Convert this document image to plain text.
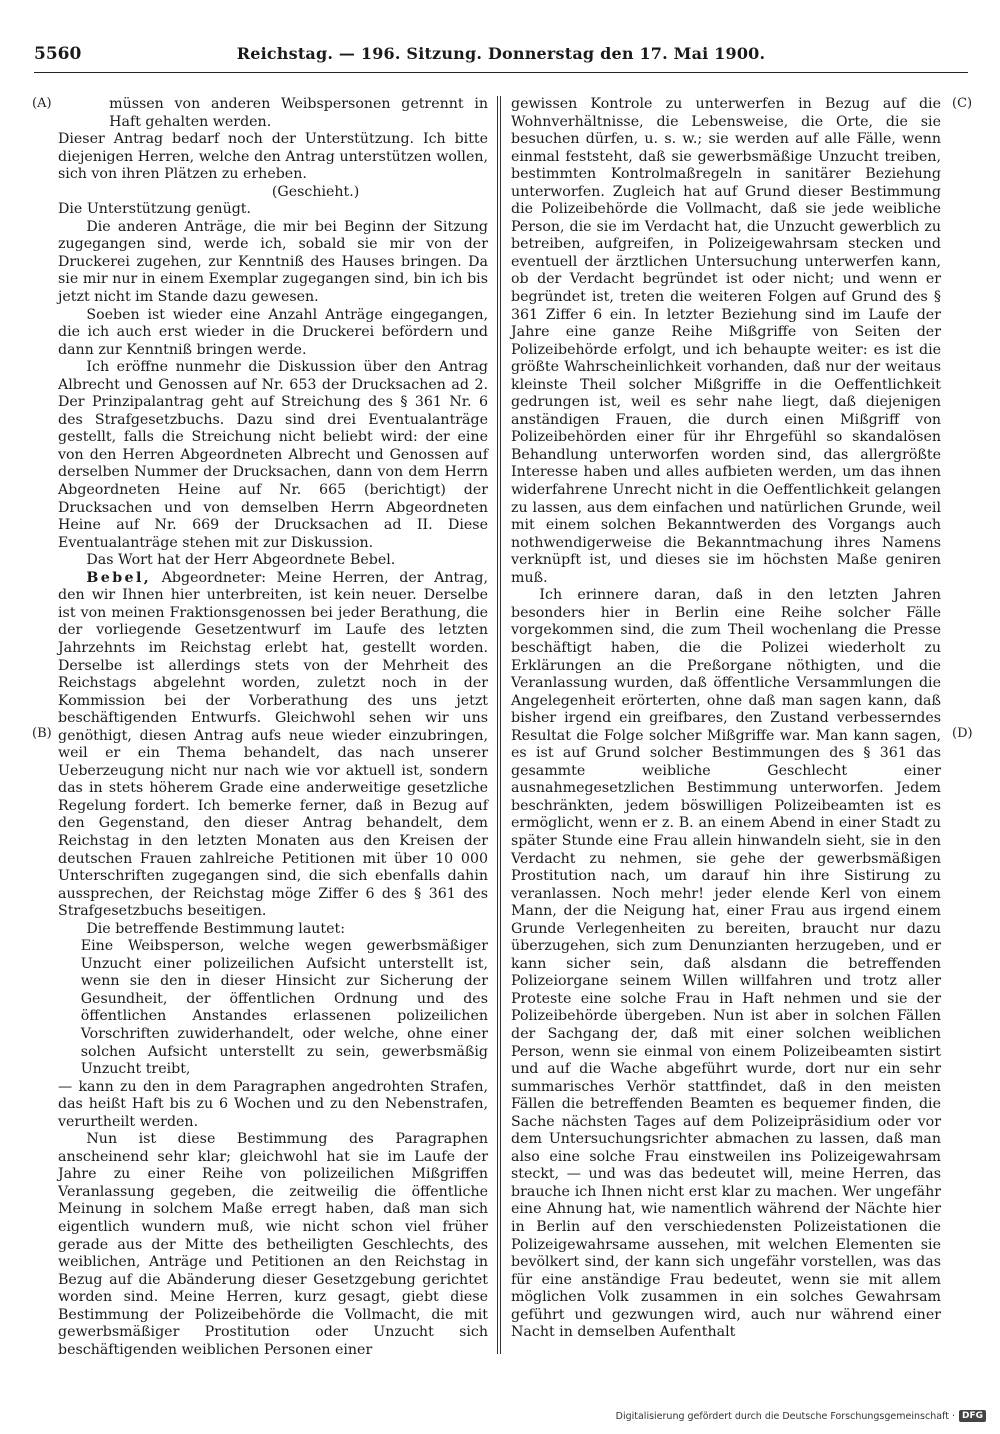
5560	Reichstag. — 196. Sitzung. Donnerstag den 17. Mai 1900.
(A)
(B)
(C)
(D)

müssen von anderen Weibspersonen getrennt in Haft gehalten werden.

Dieser Antrag bedarf noch der Unterstützung. Ich bitte diejenigen Herren, welche den Antrag unterstützen wollen, sich von ihren Plätzen zu erheben.

(Geschieht.)

Die Unterstützung genügt.

Die anderen Anträge, die mir bei Beginn der Sitzung zugegangen sind, werde ich, sobald sie mir von der Druckerei zugehen, zur Kenntniß des Hauses bringen. Da sie mir nur in einem Exemplar zugegangen sind, bin ich bis jetzt nicht im Stande dazu gewesen.

Soeben ist wieder eine Anzahl Anträge eingegangen, die ich auch erst wieder in die Druckerei befördern und dann zur Kenntniß bringen werde.

Ich eröffne nunmehr die Diskussion über den Antrag Albrecht und Genossen auf Nr. 653 der Drucksachen ad 2. Der Prinzipalantrag geht auf Streichung des § 361 Nr. 6 des Strafgesetzbuchs. Dazu sind drei Eventualanträge gestellt, falls die Streichung nicht beliebt wird: der eine von den Herren Abgeordneten Albrecht und Genossen auf derselben Nummer der Drucksachen, dann von dem Herrn Abgeordneten Heine auf Nr. 665 (berichtigt) der Drucksachen und von demselben Herrn Abgeordneten Heine auf Nr. 669 der Drucksachen ad II. Diese Eventualanträge stehen mit zur Diskussion.

Das Wort hat der Herr Abgeordnete Bebel.

Bebel, Abgeordneter: Meine Herren, der Antrag, den wir Ihnen hier unterbreiten, ist kein neuer. Derselbe ist von meinen Fraktionsgenossen bei jeder Berathung, die der vorliegende Gesetzentwurf im Laufe des letzten Jahrzehnts im Reichstag erlebt hat, gestellt worden. Derselbe ist allerdings stets von der Mehrheit des Reichstags abgelehnt worden, zuletzt noch in der Kommission bei der Vorberathung des uns jetzt beschäftigenden Entwurfs. Gleichwohl sehen wir uns genöthigt, diesen Antrag aufs neue wieder einzubringen, weil er ein Thema behandelt, das nach unserer Ueberzeugung nicht nur nach wie vor aktuell ist, sondern das in stets höherem Grade eine anderweitige gesetzliche Regelung fordert. Ich bemerke ferner, daß in Bezug auf den Gegenstand, den dieser Antrag behandelt, dem Reichstag in den letzten Monaten aus den Kreisen der deutschen Frauen zahlreiche Petitionen mit über 10 000 Unterschriften zugegangen sind, die sich ebenfalls dahin aussprechen, der Reichstag möge Ziffer 6 des § 361 des Strafgesetzbuchs beseitigen.

Die betreffende Bestimmung lautet:

Eine Weibsperson, welche wegen gewerbsmäßiger Unzucht einer polizeilichen Aufsicht unterstellt ist, wenn sie den in dieser Hinsicht zur Sicherung der Gesundheit, der öffentlichen Ordnung und des öffentlichen Anstandes erlassenen polizeilichen Vorschriften zuwiderhandelt, oder welche, ohne einer solchen Aufsicht unterstellt zu sein, gewerbsmäßig Unzucht treibt,

— kann zu den in dem Paragraphen angedrohten Strafen, das heißt Haft bis zu 6 Wochen und zu den Nebenstrafen, verurtheilt werden.

Nun ist diese Bestimmung des Paragraphen anscheinend sehr klar; gleichwohl hat sie im Laufe der Jahre zu einer Reihe von polizeilichen Mißgriffen Veranlassung gegeben, die zeitweilig die öffentliche Meinung in solchem Maße erregt haben, daß man sich eigentlich wundern muß, wie nicht schon viel früher gerade aus der Mitte des betheiligten Geschlechts, des weiblichen, Anträge und Petitionen an den Reichstag in Bezug auf die Abänderung dieser Gesetzgebung gerichtet worden sind. Meine Herren, kurz gesagt, giebt diese Bestimmung der Polizeibehörde die Vollmacht, die mit gewerbsmäßiger Prostitution oder Unzucht sich beschäftigenden weiblichen Personen einer

gewissen Kontrole zu unterwerfen in Bezug auf die Wohnverhältnisse, die Lebensweise, die Orte, die sie besuchen dürfen, u. s. w.; sie werden auf alle Fälle, wenn einmal feststeht, daß sie gewerbsmäßige Unzucht treiben, bestimmten Kontrolmaßregeln in sanitärer Beziehung unterworfen. Zugleich hat auf Grund dieser Bestimmung die Polizeibehörde die Vollmacht, daß sie jede weibliche Person, die sie im Verdacht hat, die Unzucht gewerblich zu betreiben, aufgreifen, in Polizeigewahrsam stecken und eventuell der ärztlichen Untersuchung unterwerfen kann, ob der Verdacht begründet ist oder nicht; und wenn er begründet ist, treten die weiteren Folgen auf Grund des § 361 Ziffer 6 ein. In letzter Beziehung sind im Laufe der Jahre eine ganze Reihe Mißgriffe von Seiten der Polizeibehörde erfolgt, und ich behaupte weiter: es ist die größte Wahrscheinlichkeit vorhanden, daß nur der weitaus kleinste Theil solcher Mißgriffe in die Oeffentlichkeit gedrungen ist, weil es sehr nahe liegt, daß diejenigen anständigen Frauen, die durch einen Mißgriff von Polizeibehörden einer für ihr Ehrgefühl so skandalösen Behandlung unterworfen worden sind, das allergrößte Interesse haben und alles aufbieten werden, um das ihnen widerfahrene Unrecht nicht in die Oeffentlichkeit gelangen zu lassen, aus dem einfachen und natürlichen Grunde, weil mit einem solchen Bekanntwerden des Vorgangs auch nothwendigerweise die Bekanntmachung ihres Namens verknüpft ist, und dieses sie im höchsten Maße geniren muß.

Ich erinnere daran, daß in den letzten Jahren besonders hier in Berlin eine Reihe solcher Fälle vorgekommen sind, die zum Theil wochenlang die Presse beschäftigt haben, die die Polizei wiederholt zu Erklärungen an die Preßorgane nöthigten, und die Veranlassung wurden, daß öffentliche Versammlungen die Angelegenheit erörterten, ohne daß man sagen kann, daß bisher irgend ein greifbares, den Zustand verbesserndes Resultat die Folge solcher Mißgriffe war. Man kann sagen, es ist auf Grund solcher Bestimmungen des § 361 das gesammte weibliche Geschlecht einer ausnahmegesetzlichen Bestimmung unterworfen. Jedem beschränkten, jedem böswilligen Polizeibeamten ist es ermöglicht, wenn er z. B. an einem Abend in einer Stadt zu später Stunde eine Frau allein hinwandeln sieht, sie in den Verdacht zu nehmen, sie gehe der gewerbsmäßigen Prostitution nach, um darauf hin ihre Sistirung zu veranlassen. Noch mehr! jeder elende Kerl von einem Mann, der die Neigung hat, einer Frau aus irgend einem Grunde Verlegenheiten zu bereiten, braucht nur dazu überzugehen, sich zum Denunzianten herzugeben, und er kann sicher sein, daß alsdann die betreffenden Polizeiorgane seinem Willen willfahren und trotz aller Proteste eine solche Frau in Haft nehmen und sie der Polizeibehörde übergeben. Nun ist aber in solchen Fällen der Sachgang der, daß mit einer solchen weiblichen Person, wenn sie einmal von einem Polizeibeamten sistirt und auf die Wache abgeführt wurde, dort nur ein sehr summarisches Verhör stattfindet, daß in den meisten Fällen die betreffenden Beamten es bequemer finden, die Sache nächsten Tages auf dem Polizeipräsidium oder vor dem Untersuchungsrichter abmachen zu lassen, daß man also eine solche Frau einstweilen ins Polizeigewahrsam steckt, — und was das bedeutet will, meine Herren, das brauche ich Ihnen nicht erst klar zu machen. Wer ungefähr eine Ahnung hat, wie namentlich während der Nächte hier in Berlin auf den verschiedensten Polizeistationen die Polizeigewahrsame aussehen, mit welchen Elementen sie bevölkert sind, der kann sich ungefähr vorstellen, was das für eine anständige Frau bedeutet, wenn sie mit allem möglichen Volk zusammen in ein solches Gewahrsam geführt und gezwungen wird, auch nur während einer Nacht in demselben Aufenthalt

Digitalisierung gefördert durch die Deutsche Forschungsgemeinschaft · DFG
